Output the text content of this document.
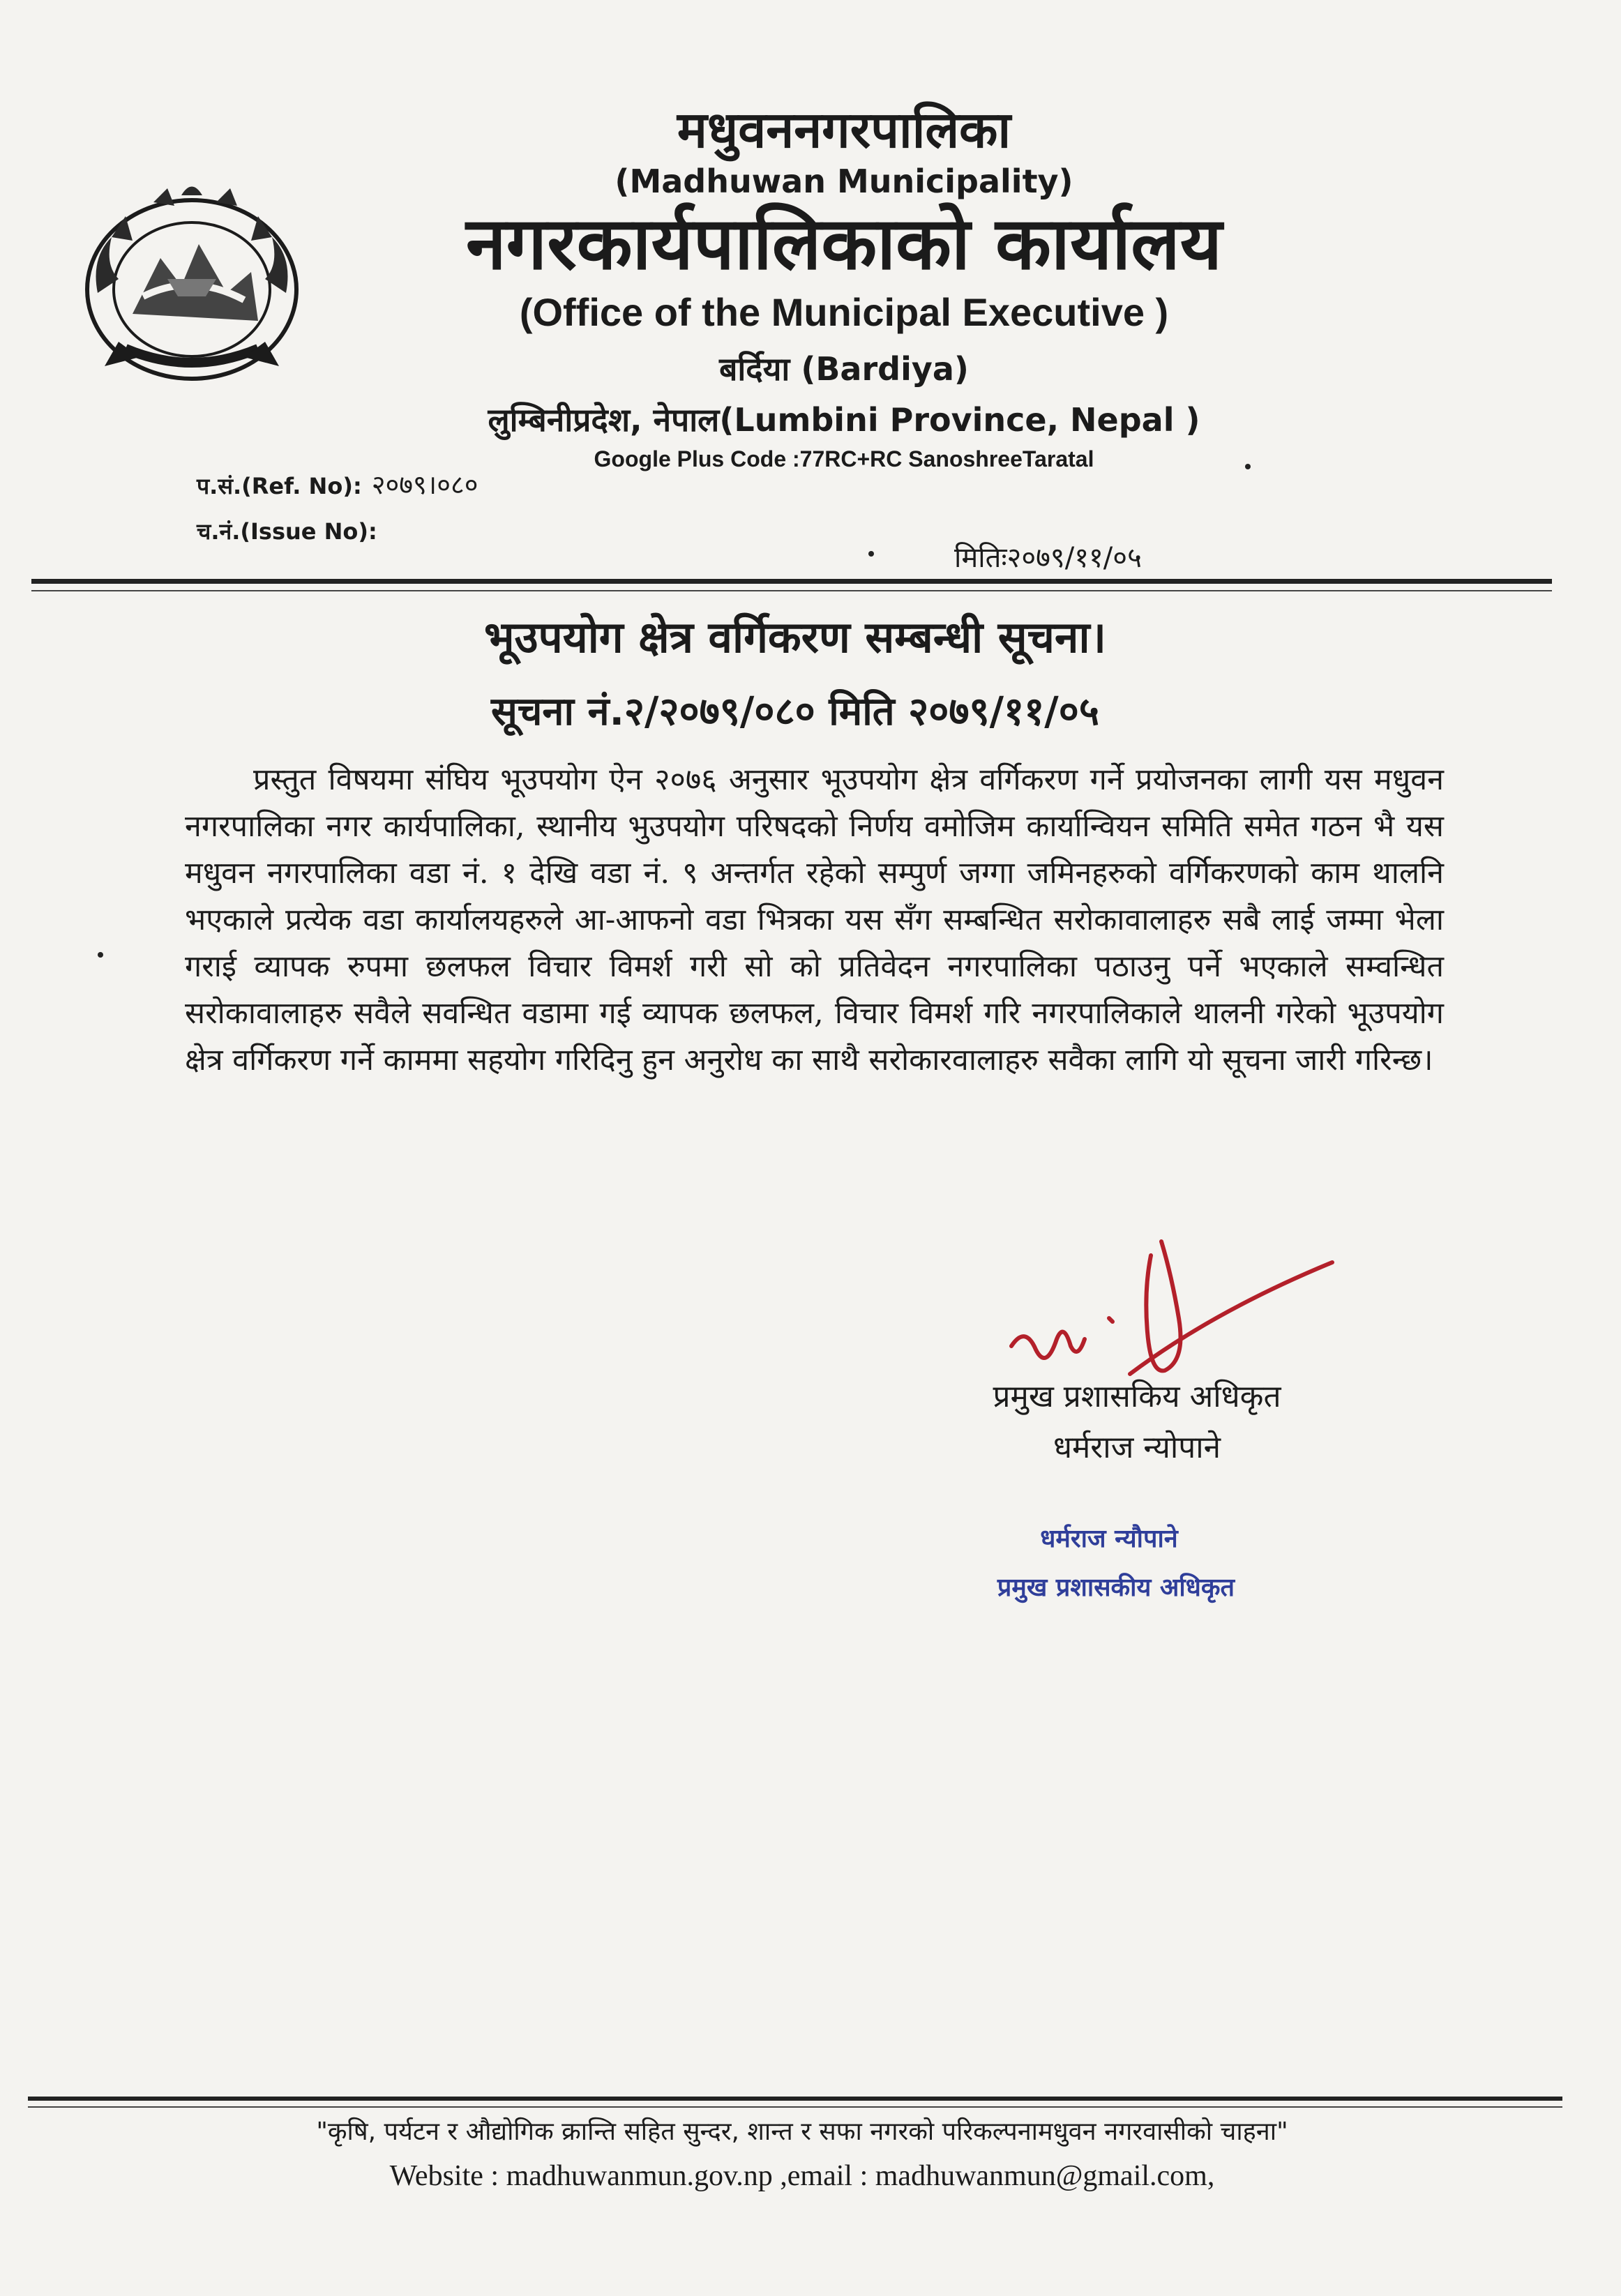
मधुवननगरपालिका
(Madhuwan Municipality)
नगरकार्यपालिकाको कार्यालय
(Office of the Municipal Executive )
बर्दिया (Bardiya)
लुम्बिनीप्रदेश, नेपाल(Lumbini Province, Nepal )
Google Plus Code :77RC+RC SanoshreeTaratal
प.सं.(Ref. No): २०७९।०८०
च.नं.(Issue No):
मितिः२०७९/११/०५
भूउपयोग क्षेत्र वर्गिकरण सम्बन्धी सूचना।
सूचना नं.२/२०७९/०८० मिति २०७९/११/०५
प्रस्तुत विषयमा संघिय भूउपयोग ऐन २०७६ अनुसार भूउपयोग क्षेत्र वर्गिकरण गर्ने प्रयोजनका लागी यस मधुवन नगरपालिका नगर कार्यपालिका, स्थानीय भुउपयोग परिषदको निर्णय वमोजिम कार्यान्वियन समिति समेत गठन भै यस मधुवन नगरपालिका वडा नं. १ देखि वडा नं. ९ अन्तर्गत रहेको सम्पुर्ण जग्गा जमिनहरुको वर्गिकरणको काम थालनि भएकाले प्रत्येक वडा कार्यालयहरुले आ-आफनो वडा भित्रका यस सँग सम्बन्धित सरोकावालाहरु सबै लाई जम्मा भेला गराई व्यापक रुपमा छलफल विचार विमर्श गरी सो को प्रतिवेदन नगरपालिका पठाउनु पर्ने भएकाले सम्वन्धित सरोकावालाहरु सवैले सवन्धित वडामा गई व्यापक छलफल, विचार विमर्श गरि नगरपालिकाले थालनी गरेको भूउपयोग क्षेत्र वर्गिकरण गर्ने काममा सहयोग गरिदिनु हुन अनुरोध का साथै सरोकारवालाहरु सवैका लागि यो सूचना जारी गरिन्छ।
प्रमुख प्रशासकिय अधिकृत
धर्मराज न्योपाने
धर्मराज न्यौपाने
प्रमुख प्रशासकीय अधिकृत
"कृषि, पर्यटन र औद्योगिक क्रान्ति सहित सुन्दर, शान्त र सफा नगरको परिकल्पनामधुवन नगरवासीको चाहना"
Website : madhuwanmun.gov.np ,email : madhuwanmun@gmail.com,
